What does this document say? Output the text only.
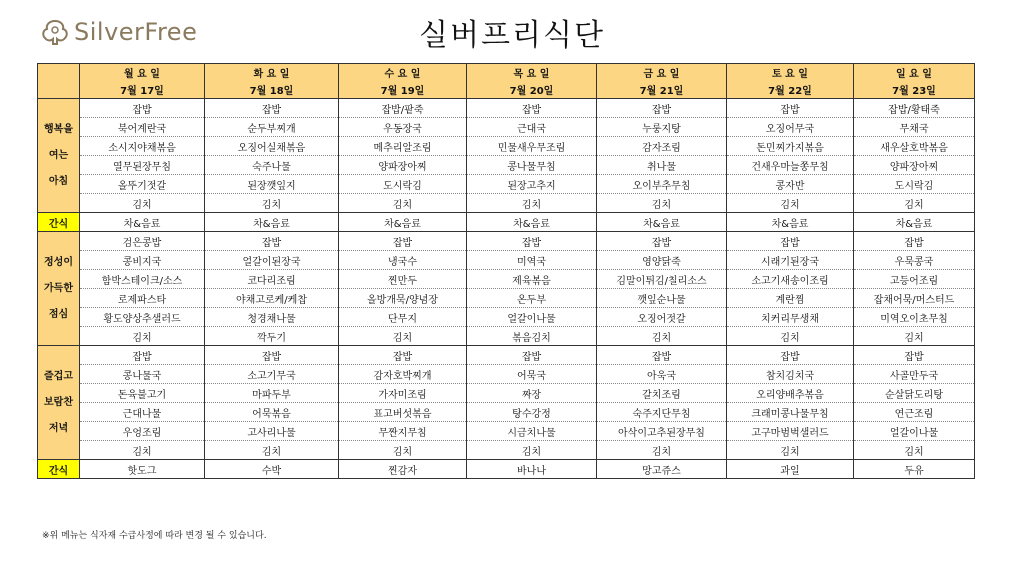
SilverFree	실버프리식단
	월 요 일	화 요 일	수 요 일	목 요 일	금 요 일	토 요 일	일 요 일
	7월 17일	7월 18일	7월 19일	7월 20일	7월 21일	7월 22일	7월 23일

행복을
여는
아침	잡밥	잡밥	잡밥/팥죽	잡밥	잡밥	잡밥	잡밥/황태죽
	북어계란국	순두부찌개	우동장국	근대국	누룽지탕	오징어무국	무채국
	소시지야채볶음	오징어실채볶음	메추리알조림	민물새우무조림	감자조림	돈민찌가지볶음	새우살호박볶음
	열무된장무침	숙주나물	양파장아찌	콩나물무침	취나물	건새우마늘쫑무침	양파장아찌
	올뚜기젓갈	된장깻잎지	도시락김	된장고추지	오이부추무침	콩자반	도시락김
	김치	김치	김치	김치	김치	김치	김치

간식	차&음료	차&음료	차&음료	차&음료	차&음료	차&음료	차&음료

정성이
가득한
점심	검은콩밥	잡밥	잡밥	잡밥	잡밥	잡밥	잡밥
	콩비지국	얼갈이된장국	냉국수	미역국	영양닭죽	시래기된장국	우묵콩국
	함박스테이크/소스	코다리조림	찐만두	제육볶음	김말이튀김/칠리소스	소고기새송이조림	고등어조림
	로제파스타	야채고로케/케찹	올방개묵/양념장	온두부	깻잎순나물	계란찜	잡채어묵/머스터드
	황도양상추샐러드	청경채나물	단무지	얼갈이나물	오징어젓갈	치커리무생채	미역오이초무침
	김치	깍두기	김치	볶음김치	김치	김치	김치

즐겁고
보람찬
저녁	잡밥	잡밥	잡밥	잡밥	잡밥	잡밥	잡밥
	콩나물국	소고기무국	감자호박찌개	어묵국	아욱국	참치김치국	사골만두국
	돈육불고기	마파두부	가자미조림	짜장	갈치조림	오리양배추볶음	순살닭도리탕
	근대나물	어묵볶음	표고버섯볶음	탕수강정	숙주지단무침	크래미콩나물무침	연근조림
	우엉조림	고사리나물	무짠지무침	시금치나물	아삭이고추된장무침	고구마범벅샐러드	얼갈이나물
	김치	김치	김치	김치	김치	김치	김치

간식	핫도그	수박	찐감자	바나나	망고쥬스	과일	두유
※위 메뉴는 식자재 수급사정에 따라 변경 될 수 있습니다.
